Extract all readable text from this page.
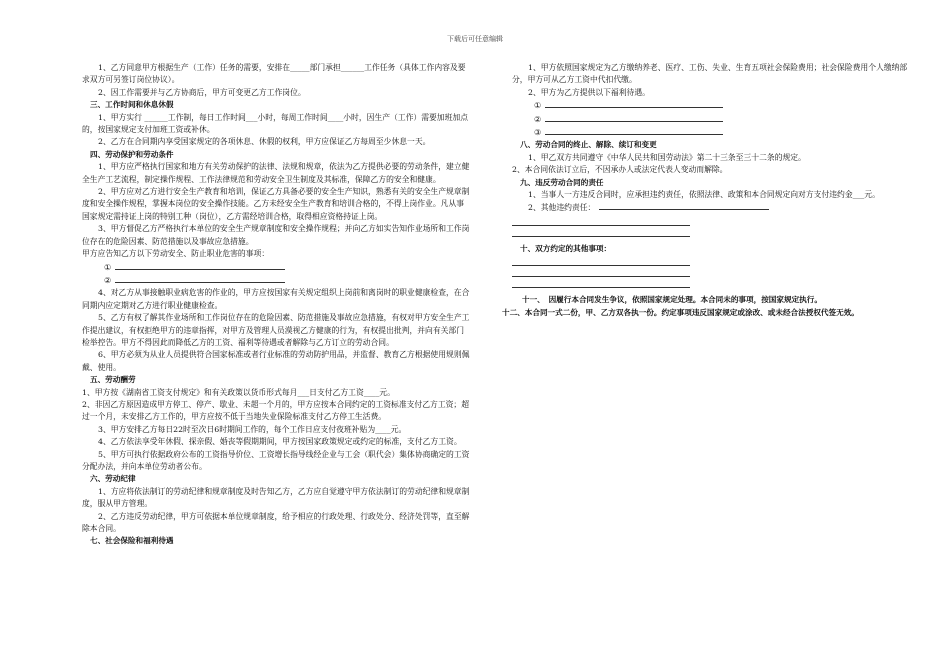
下载后可任意编辑

1、乙方同意甲方根据生产（工作）任务的需要，安排在_____部门承担______工作任务（具体工作内容及要求双方可另签订岗位协议）。

2、因工作需要并与乙方协商后，甲方可变更乙方工作岗位。

三、工作时间和休息休假

1、甲方实行 ______工作制，每日工作时间___小时，每周工作时间____小时，因生产（工作）需要加班加点的，按国家规定支付加班工资或补休。

2、乙方在合同期内享受国家规定的各项休息、休假的权利，甲方应保证乙方每周至少休息一天。

四、劳动保护和劳动条件

1、甲方应严格执行国家和地方有关劳动保护的法律、法规和规章，依法为乙方提供必要的劳动条件，建立健全生产工艺流程，制定操作规程、工作法律规范和劳动安全卫生制度及其标准，保障乙方的安全和健康。

2、甲方应对乙方进行安全生产教育和培训，保证乙方具备必要的安全生产知识，熟悉有关的安全生产规章制度和安全操作规程，掌握本岗位的安全操作技能。乙方未经安全生产教育和培训合格的，不得上岗作业。凡从事国家规定需持证上岗的特别工种（岗位），乙方需经培训合格，取得相应资格持证上岗。

3、甲方督促乙方严格执行本单位的安全生产规章制度和安全操作规程；并向乙方如实告知作业场所和工作岗位存在的危险因素、防范措施以及事故应急措施。

甲方应告知乙方以下劳动安全、防止职业危害的事项：

①
②

4、对乙方从事接触职业病危害的作业的，甲方应按国家有关规定组织上岗前和离岗时的职业健康检查，在合同期内应定期对乙方进行职业健康检查。

5、乙方有权了解其作业场所和工作岗位存在的危险因素、防范措施及事故应急措施，有权对甲方安全生产工作提出建议，有权拒绝甲方的违章指挥，对甲方及管理人员漠视乙方健康的行为，有权提出批判，并向有关部门检举控告。甲方不得因此而降低乙方的工资、福利等待遇或者解除与乙方订立的劳动合同。

6、甲方必须为从业人员提供符合国家标准或者行业标准的劳动防护用品，并监督、教育乙方根据使用规则佩戴、使用。

五、劳动酬劳

1、甲方按《湖南省工资支付规定》和有关政策以货币形式每月___日支付乙方工资____元。

2、非因乙方原因造成甲方停工、停产、歇业、未超一个月的，甲方应按本合同约定的工资标准支付乙方工资；超过一个月，未安排乙方工作的，甲方应按不低于当地失业保险标准支付乙方停工生活费。

3、甲方安排乙方每日22时至次日6时期间工作的，每个工作日应支付夜班补贴为____元。

4、乙方依法享受年休假、探亲假、婚丧等假期期间，甲方按国家政策规定或约定的标准，支付乙方工资。

5、甲方可执行依据政府公布的工资指导价位、工资增长指导线经企业与工会（职代会）集体协商确定的工资分配办法，并向本单位劳动者公布。

六、劳动纪律

1、方应将依法制订的劳动纪律和规章制度及时告知乙方，乙方应自觉遵守甲方依法制订的劳动纪律和规章制度，服从甲方管理。

2、乙方违反劳动纪律，甲方可依据本单位规章制度，给予相应的行政处理、行政处分、经济处罚等，直至解除本合同。

七、社会保险和福利待遇

1、甲方依照国家规定为乙方缴纳养老、医疗、工伤、失业、生育五项社会保险费用；社会保险费用个人缴纳部分，甲方可从乙方工资中代扣代缴。

2、甲方为乙方提供以下福利待遇。

①
②
③

八、劳动合同的终止、解除、续订和变更

1、甲乙双方共同遵守《中华人民共和国劳动法》第二十三条至三十二条的规定。

2、本合同依法订立后，不因承办人或法定代表人变动而解除。

九、违反劳动合同的责任

1、当事人一方违反合同时，应承担违约责任，依照法律、政策和本合同规定向对方支付违约金___元。

2、其他违约责任：

十、双方约定的其他事项：

十一、　因履行本合同发生争议，依照国家规定处理。本合同未的事项，按国家规定执行。

十二、本合同一式二份，甲、乙方双各执一份。约定事项违反国家规定或涂改、或未经合法授权代签无效。
